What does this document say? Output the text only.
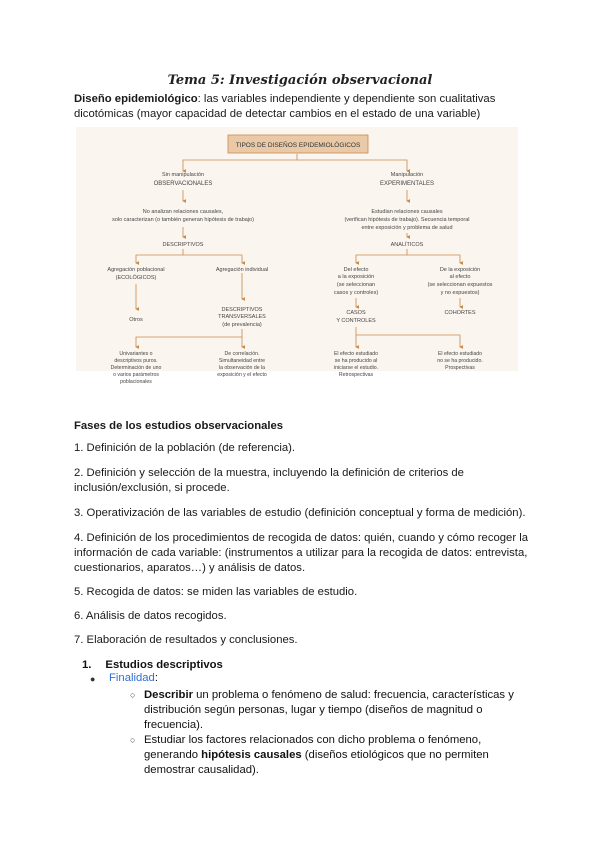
Tema 5: Investigación observacional
Diseño epidemiológico: las variables independiente y dependiente son cualitativas dicotómicas (mayor capacidad de detectar cambios en el estado de una variable)
TIPOS DE DISEÑOS EPIDEMIOLÓGICOS
Sin manipulación
OBSERVACIONALES
Manipulación
EXPERIMENTALES
No analizan relaciones causales,
solo caracterizan (o también generan hipótesis de trabajo)
Estudian relaciones causales
(verifican hipótesis de trabajo). Secuencia temporal
entre exposición y problema de salud
DESCRIPTIVOS	ANALÍTICOS
Agregación poblacional
(ECOLÓGICOS)
Agregación individual	Del efecto
a la exposición
(se seleccionan
casos y controles)
De la exposición
al efecto
(se seleccionan expuestos
y no expuestos)
Otros
DESCRIPTIVOS
TRANSVERSALES
(de prevalencia)
CASOS
Y CONTROLES
COHORTES
Univariantes o
descriptivos puros.
Determinación de uno
o varios parámetros
poblacionales
De correlación.
Simultaneidad entre
la observación de la
exposición y el efecto
El efecto estudiado
se ha producido al
iniciarse el estudio.
Retrospectivas
El efecto estudiado
no se ha producido.
Prospectivas
Fases de los estudios observacionales
1. Definición de la población (de referencia).
2. Definición y selección de la muestra, incluyendo la definición de criterios de inclusión/exclusión, si procede.
3. Operativización de las variables de estudio (definición conceptual y forma de medición).
4. Definición de los procedimientos de recogida de datos: quién, cuando y cómo recoger la información de cada variable: (instrumentos a utilizar para la recogida de datos: entrevista, cuestionarios, aparatos…) y análisis de datos.
5. Recogida de datos: se miden las variables de estudio.
6. Análisis de datos recogidos.
7. Elaboración de resultados y conclusiones.
1. Estudios descriptivos
● Finalidad:
○ Describir un problema o fenómeno de salud: frecuencia, características y distribución según personas, lugar y tiempo (diseños de magnitud o frecuencia).
○ Estudiar los factores relacionados con dicho problema o fenómeno, generando hipótesis causales (diseños etiológicos que no permiten demostrar causalidad).
